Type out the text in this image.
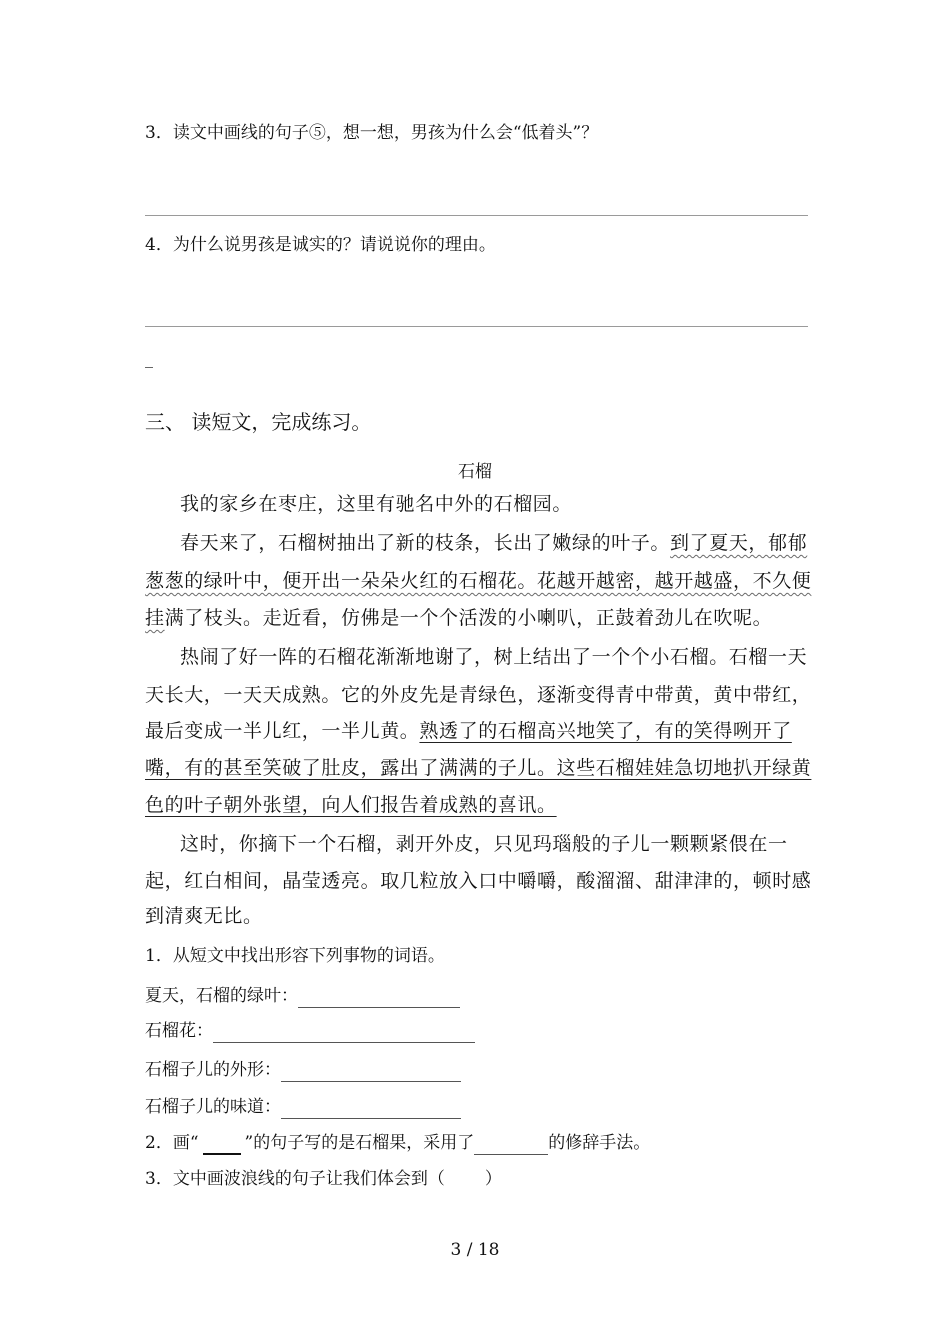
3．读文中画线的句子⑤，想一想，男孩为什么会“低着头”？
4．为什么说男孩是诚实的？请说说你的理由。
三、 读短文，完成练习。
石榴
我的家乡在枣庄，这里有驰名中外的石榴园。
春天来了，石榴树抽出了新的枝条，长出了嫩绿的叶子。到了夏天，郁郁
葱葱的绿叶中，便开出一朵朵火红的石榴花。花越开越密，越开越盛，不久便
挂满了枝头。走近看，仿佛是一个个活泼的小喇叭，正鼓着劲儿在吹呢。
热闹了好一阵的石榴花渐渐地谢了，树上结出了一个个小石榴。石榴一天
天长大，一天天成熟。它的外皮先是青绿色，逐渐变得青中带黄，黄中带红，
最后变成一半儿红，一半儿黄。熟透了的石榴高兴地笑了，有的笑得咧开了
嘴，有的甚至笑破了肚皮，露出了满满的子儿。这些石榴娃娃急切地扒开绿黄
色的叶子朝外张望，向人们报告着成熟的喜讯。
这时，你摘下一个石榴，剥开外皮，只见玛瑙般的子儿一颗颗紧偎在一
起，红白相间，晶莹透亮。取几粒放入口中嚼嚼，酸溜溜、甜津津的，顿时感
到清爽无比。
1．从短文中找出形容下列事物的词语。
夏天，石榴的绿叶：
石榴花：
石榴子儿的外形：
石榴子儿的味道：
2．画“	”的句子写的是石榴果，采用了	的修辞手法。
3．文中画波浪线的句子让我们体会到（ ）
3 / 18
